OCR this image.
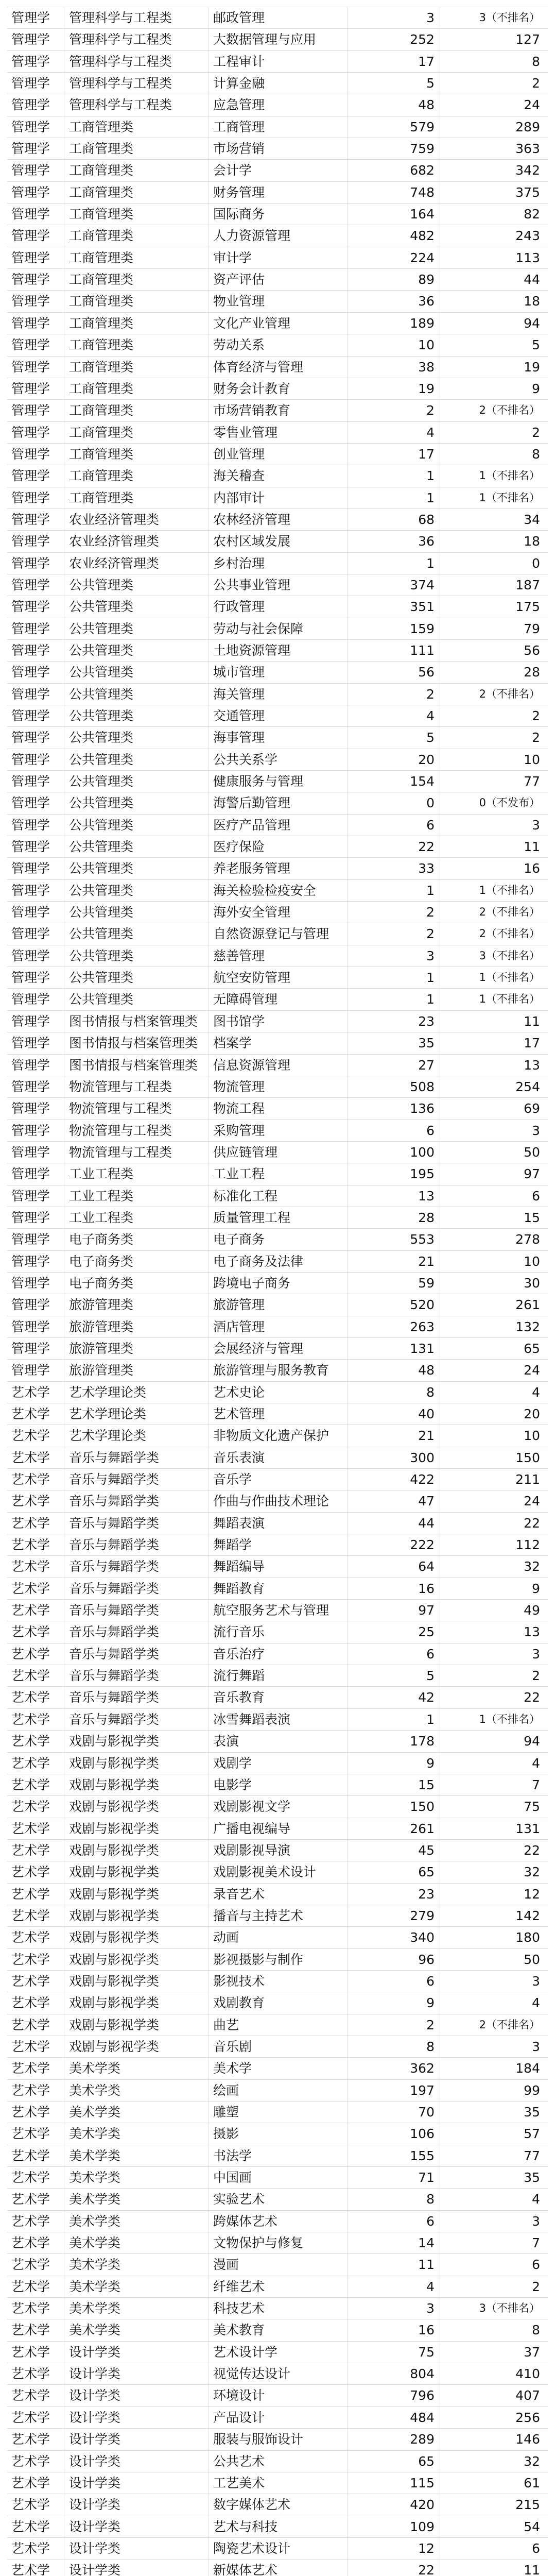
管理学	管理科学与工程类	邮政管理	3	3（不排名）
管理学	管理科学与工程类	大数据管理与应用	252	127
管理学	管理科学与工程类	工程审计	17	8
管理学	管理科学与工程类	计算金融	5	2
管理学	管理科学与工程类	应急管理	48	24
管理学	工商管理类	工商管理	579	289
管理学	工商管理类	市场营销	759	363
管理学	工商管理类	会计学	682	342
管理学	工商管理类	财务管理	748	375
管理学	工商管理类	国际商务	164	82
管理学	工商管理类	人力资源管理	482	243
管理学	工商管理类	审计学	224	113
管理学	工商管理类	资产评估	89	44
管理学	工商管理类	物业管理	36	18
管理学	工商管理类	文化产业管理	189	94
管理学	工商管理类	劳动关系	10	5
管理学	工商管理类	体育经济与管理	38	19
管理学	工商管理类	财务会计教育	19	9
管理学	工商管理类	市场营销教育	2	2（不排名）
管理学	工商管理类	零售业管理	4	2
管理学	工商管理类	创业管理	17	8
管理学	工商管理类	海关稽查	1	1（不排名）
管理学	工商管理类	内部审计	1	1（不排名）
管理学	农业经济管理类	农林经济管理	68	34
管理学	农业经济管理类	农村区域发展	36	18
管理学	农业经济管理类	乡村治理	1	0
管理学	公共管理类	公共事业管理	374	187
管理学	公共管理类	行政管理	351	175
管理学	公共管理类	劳动与社会保障	159	79
管理学	公共管理类	土地资源管理	111	56
管理学	公共管理类	城市管理	56	28
管理学	公共管理类	海关管理	2	2（不排名）
管理学	公共管理类	交通管理	4	2
管理学	公共管理类	海事管理	5	2
管理学	公共管理类	公共关系学	20	10
管理学	公共管理类	健康服务与管理	154	77
管理学	公共管理类	海警后勤管理	0	0（不发布）
管理学	公共管理类	医疗产品管理	6	3
管理学	公共管理类	医疗保险	22	11
管理学	公共管理类	养老服务管理	33	16
管理学	公共管理类	海关检验检疫安全	1	1（不排名）
管理学	公共管理类	海外安全管理	2	2（不排名）
管理学	公共管理类	自然资源登记与管理	2	2（不排名）
管理学	公共管理类	慈善管理	3	3（不排名）
管理学	公共管理类	航空安防管理	1	1（不排名）
管理学	公共管理类	无障碍管理	1	1（不排名）
管理学	图书情报与档案管理类	图书馆学	23	11
管理学	图书情报与档案管理类	档案学	35	17
管理学	图书情报与档案管理类	信息资源管理	27	13
管理学	物流管理与工程类	物流管理	508	254
管理学	物流管理与工程类	物流工程	136	69
管理学	物流管理与工程类	采购管理	6	3
管理学	物流管理与工程类	供应链管理	100	50
管理学	工业工程类	工业工程	195	97
管理学	工业工程类	标准化工程	13	6
管理学	工业工程类	质量管理工程	28	15
管理学	电子商务类	电子商务	553	278
管理学	电子商务类	电子商务及法律	21	10
管理学	电子商务类	跨境电子商务	59	30
管理学	旅游管理类	旅游管理	520	261
管理学	旅游管理类	酒店管理	263	132
管理学	旅游管理类	会展经济与管理	131	65
管理学	旅游管理类	旅游管理与服务教育	48	24
艺术学	艺术学理论类	艺术史论	8	4
艺术学	艺术学理论类	艺术管理	40	20
艺术学	艺术学理论类	非物质文化遗产保护	21	10
艺术学	音乐与舞蹈学类	音乐表演	300	150
艺术学	音乐与舞蹈学类	音乐学	422	211
艺术学	音乐与舞蹈学类	作曲与作曲技术理论	47	24
艺术学	音乐与舞蹈学类	舞蹈表演	44	22
艺术学	音乐与舞蹈学类	舞蹈学	222	112
艺术学	音乐与舞蹈学类	舞蹈编导	64	32
艺术学	音乐与舞蹈学类	舞蹈教育	16	9
艺术学	音乐与舞蹈学类	航空服务艺术与管理	97	49
艺术学	音乐与舞蹈学类	流行音乐	25	13
艺术学	音乐与舞蹈学类	音乐治疗	6	3
艺术学	音乐与舞蹈学类	流行舞蹈	5	2
艺术学	音乐与舞蹈学类	音乐教育	42	22
艺术学	音乐与舞蹈学类	冰雪舞蹈表演	1	1（不排名）
艺术学	戏剧与影视学类	表演	178	94
艺术学	戏剧与影视学类	戏剧学	9	4
艺术学	戏剧与影视学类	电影学	15	7
艺术学	戏剧与影视学类	戏剧影视文学	150	75
艺术学	戏剧与影视学类	广播电视编导	261	131
艺术学	戏剧与影视学类	戏剧影视导演	45	22
艺术学	戏剧与影视学类	戏剧影视美术设计	65	32
艺术学	戏剧与影视学类	录音艺术	23	12
艺术学	戏剧与影视学类	播音与主持艺术	279	142
艺术学	戏剧与影视学类	动画	340	180
艺术学	戏剧与影视学类	影视摄影与制作	96	50
艺术学	戏剧与影视学类	影视技术	6	3
艺术学	戏剧与影视学类	戏剧教育	9	4
艺术学	戏剧与影视学类	曲艺	2	2（不排名）
艺术学	戏剧与影视学类	音乐剧	8	3
艺术学	美术学类	美术学	362	184
艺术学	美术学类	绘画	197	99
艺术学	美术学类	雕塑	70	35
艺术学	美术学类	摄影	106	57
艺术学	美术学类	书法学	155	77
艺术学	美术学类	中国画	71	35
艺术学	美术学类	实验艺术	8	4
艺术学	美术学类	跨媒体艺术	6	3
艺术学	美术学类	文物保护与修复	14	7
艺术学	美术学类	漫画	11	6
艺术学	美术学类	纤维艺术	4	2
艺术学	美术学类	科技艺术	3	3（不排名）
艺术学	美术学类	美术教育	16	8
艺术学	设计学类	艺术设计学	75	37
艺术学	设计学类	视觉传达设计	804	410
艺术学	设计学类	环境设计	796	407
艺术学	设计学类	产品设计	484	256
艺术学	设计学类	服装与服饰设计	289	146
艺术学	设计学类	公共艺术	65	32
艺术学	设计学类	工艺美术	115	61
艺术学	设计学类	数字媒体艺术	420	215
艺术学	设计学类	艺术与科技	109	54
艺术学	设计学类	陶瓷艺术设计	12	6
艺术学	设计学类	新媒体艺术	22	11
